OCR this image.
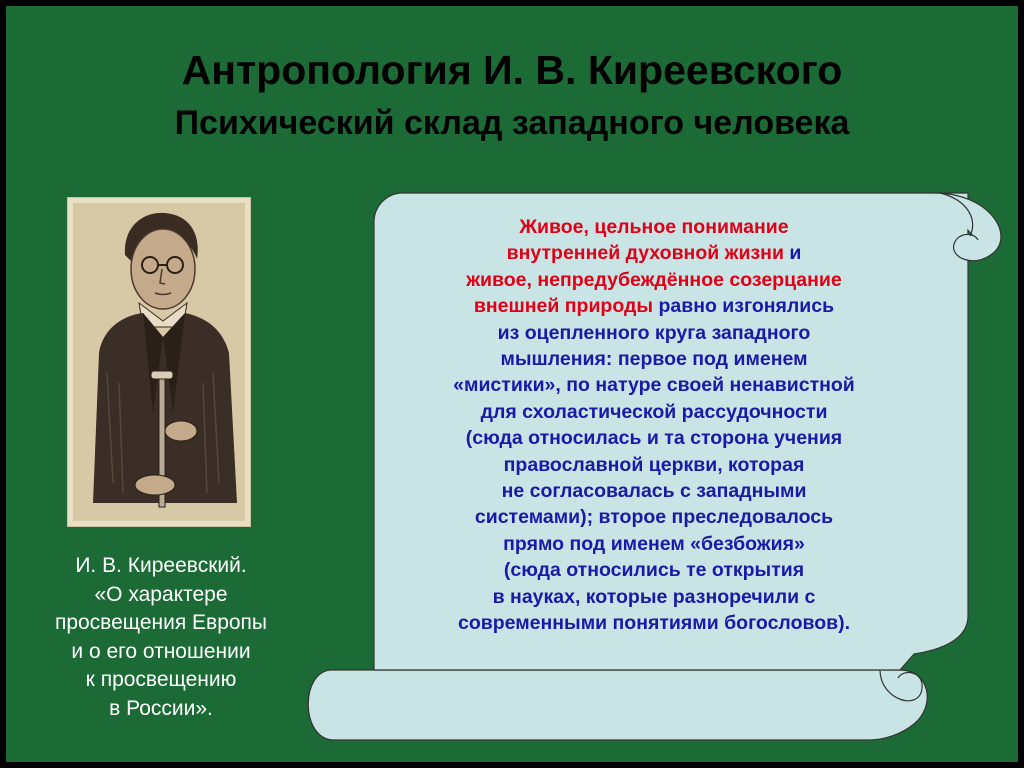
Антропология И. В. Киреевского
Психический склад западного человека
И. В. Киреевский.
«О характере
просвещения Европы
и о его отношении
к просвещению
в России».
Живое, цельное понимание
внутренней духовной жизни и
живое, непредубеждённое созерцание
внешней природы равно изгонялись
из оцепленного круга западного
мышления: первое под именем
«мистики», по натуре своей ненавистной
для схоластической рассудочности
(сюда относилась и та сторона учения
православной церкви, которая
не согласовалась с западными
системами); второе преследовалось
прямо под именем «безбожия»
(сюда относились те открытия
в науках, которые разноречили с
современными понятиями богословов).
